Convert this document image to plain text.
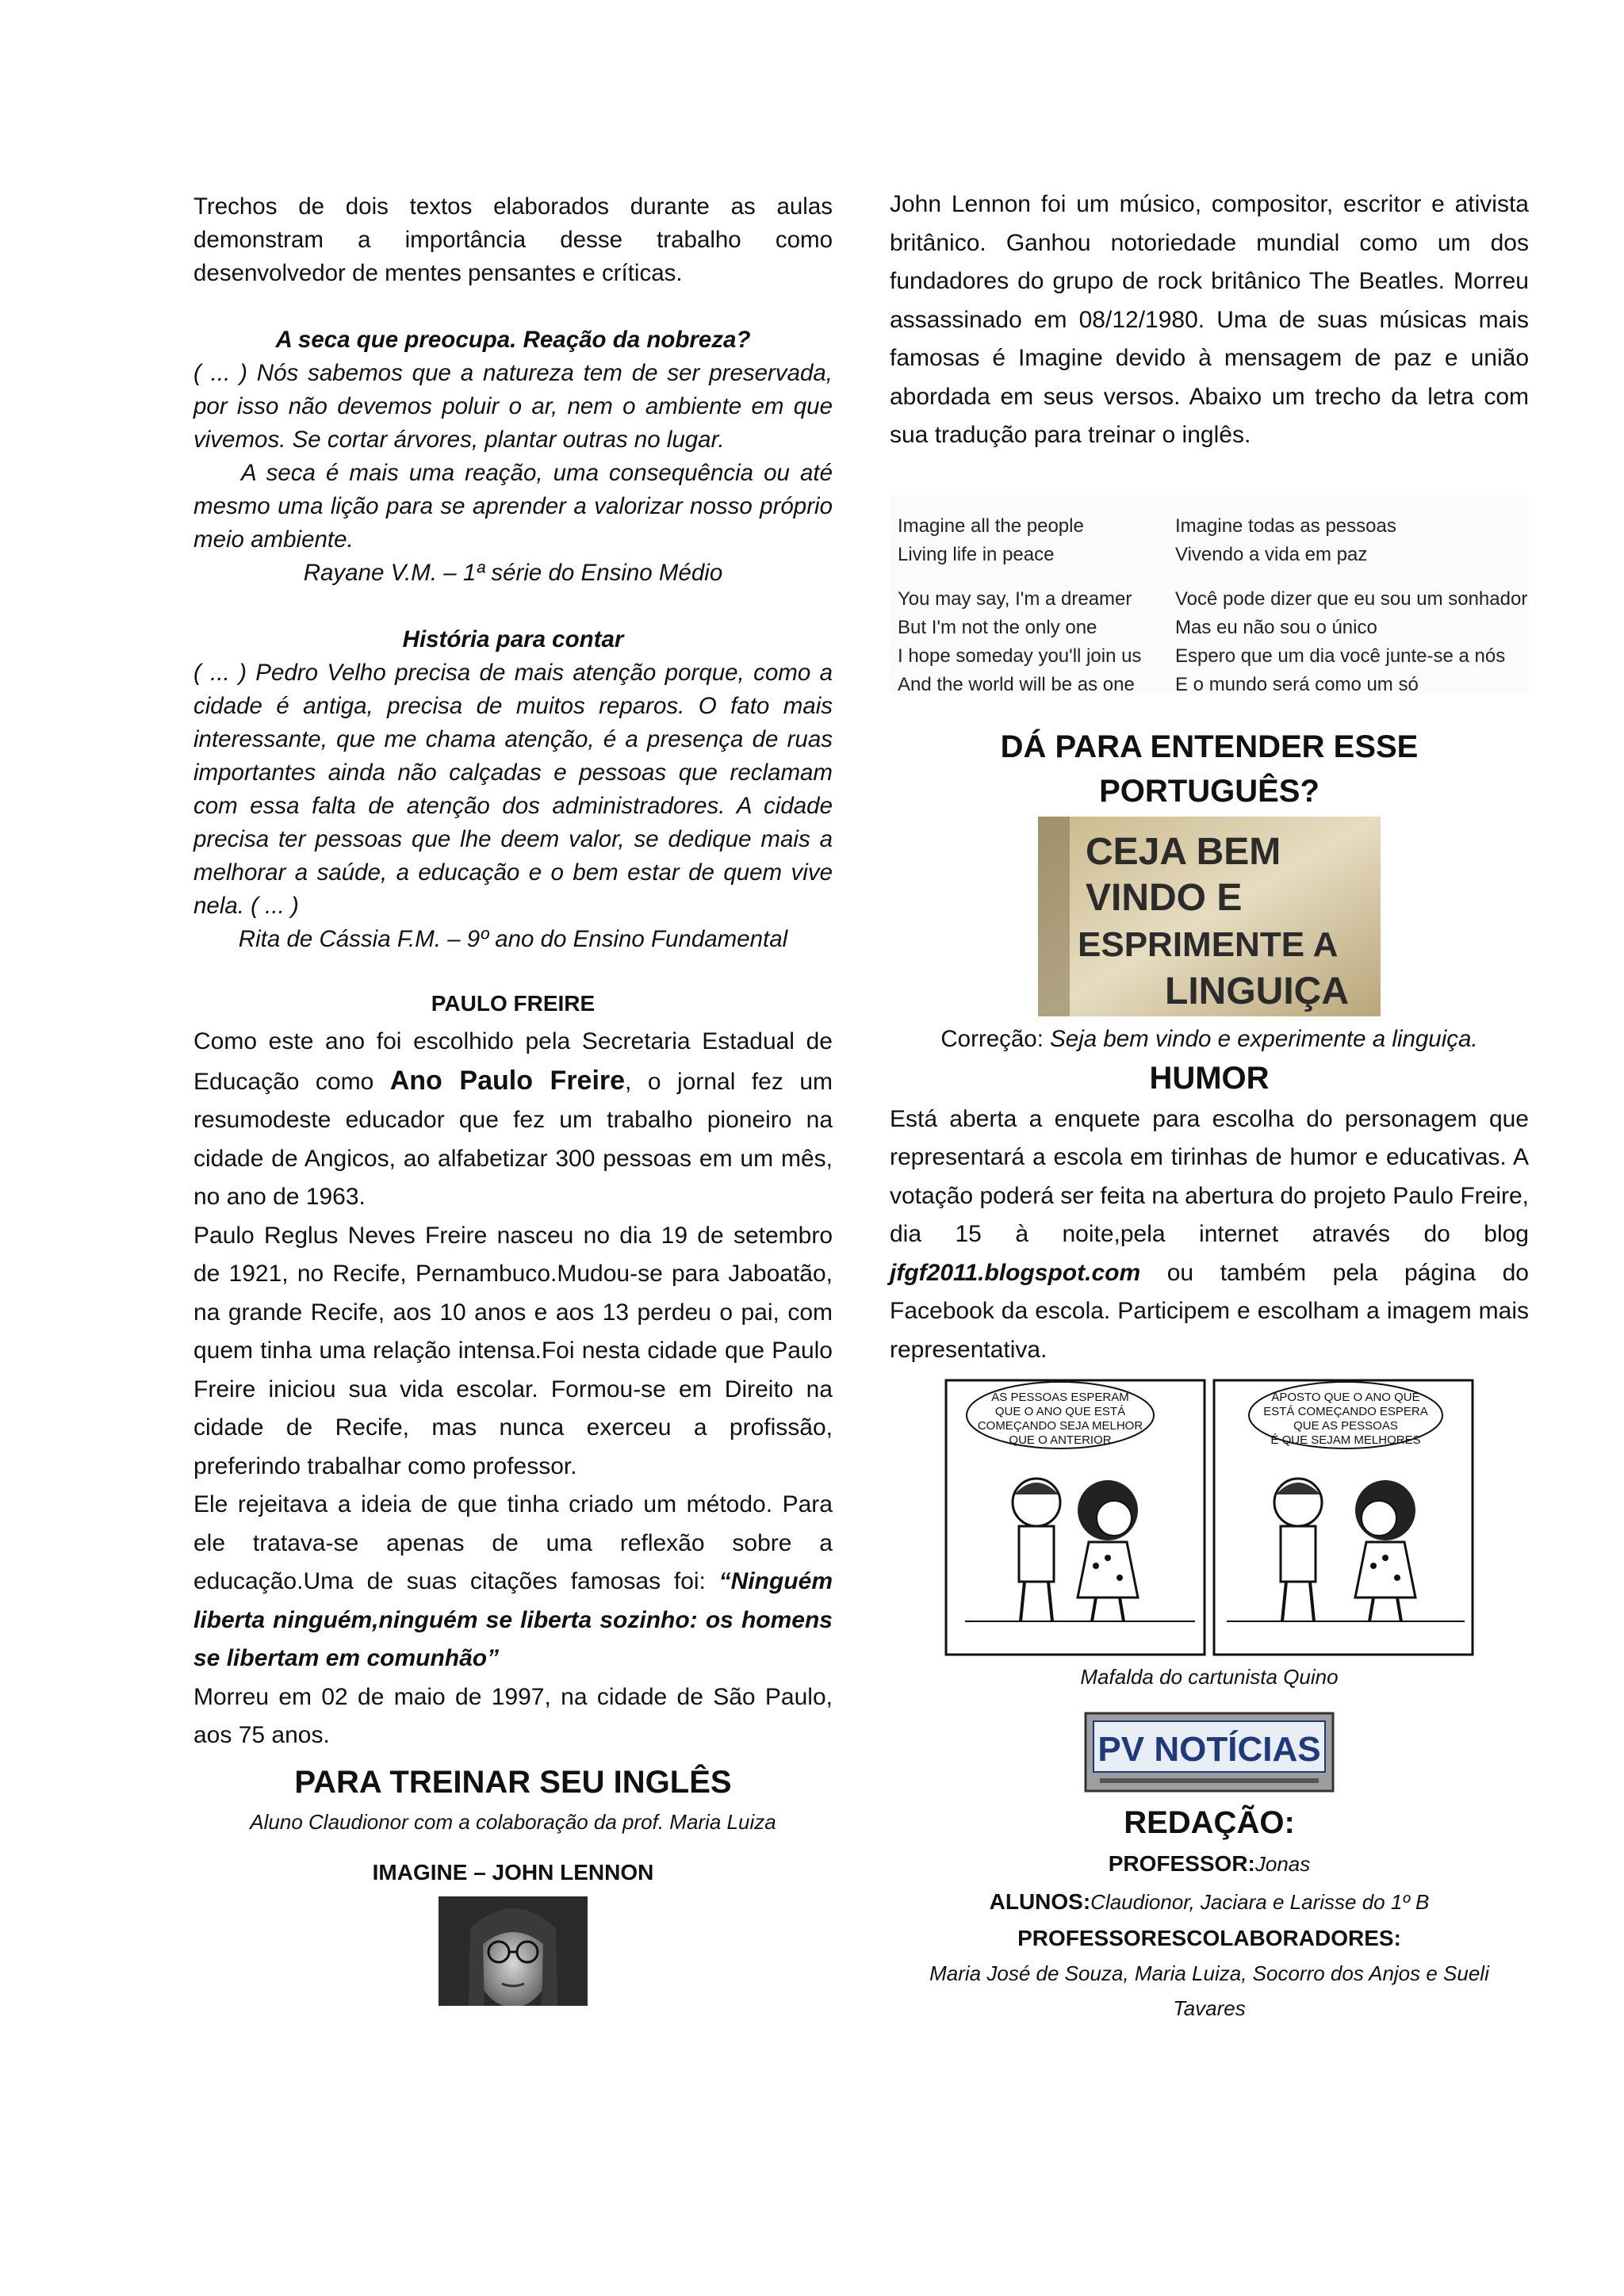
Trechos de dois textos elaborados durante as aulas demonstram a importância desse trabalho como desenvolvedor de mentes pensantes e críticas.

A seca que preocupa. Reação da nobreza?

( ... ) Nós sabemos que a natureza tem de ser preservada, por isso não devemos poluir o ar, nem o ambiente em que vivemos. Se cortar árvores, plantar outras no lugar.

A seca é mais uma reação, uma consequência ou até mesmo uma lição para se aprender a valorizar nosso próprio meio ambiente.

Rayane V.M. – 1ª série do Ensino Médio

História para contar

( ... ) Pedro Velho precisa de mais atenção porque, como a cidade é antiga, precisa de muitos reparos. O fato mais interessante, que me chama atenção, é a presença de ruas importantes ainda não calçadas e pessoas que reclamam com essa falta de atenção dos administradores. A cidade precisa ter pessoas que lhe deem valor, se dedique mais a melhorar a saúde, a educação e o bem estar de quem vive nela. ( ... )

Rita de Cássia F.M. – 9º ano do Ensino Fundamental

PAULO FREIRE

Como este ano foi escolhido pela Secretaria Estadual de Educação como Ano Paulo Freire, o jornal fez um resumodeste educador que fez um trabalho pioneiro na cidade de Angicos, ao alfabetizar 300 pessoas em um mês, no ano de 1963.

Paulo Reglus Neves Freire nasceu no dia 19 de setembro de 1921, no Recife, Pernambuco.Mudou-se para Jaboatão, na grande Recife, aos 10 anos e aos 13 perdeu o pai, com quem tinha uma relação intensa.Foi nesta cidade que Paulo Freire iniciou sua vida escolar. Formou-se em Direito na cidade de Recife, mas nunca exerceu a profissão, preferindo trabalhar como professor.

Ele rejeitava a ideia de que tinha criado um método. Para ele tratava-se apenas de uma reflexão sobre a educação.Uma de suas citações famosas foi: “Ninguém liberta ninguém,ninguém se liberta sozinho: os homens se libertam em comunhão”

Morreu em 02 de maio de 1997, na cidade de São Paulo, aos 75 anos.

PARA TREINAR SEU INGLÊS

Aluno Claudionor com a colaboração da prof. Maria Luiza

IMAGINE – JOHN LENNON

John Lennon foi um músico, compositor, escritor e ativista britânico. Ganhou notoriedade mundial como um dos fundadores do grupo de rock britânico The Beatles. Morreu assassinado em 08/12/1980. Uma de suas músicas mais famosas é Imagine devido à mensagem de paz e união abordada em seus versos. Abaixo um trecho da letra com sua tradução para treinar o inglês.

Imagine all the people
Living life in peace
You may say, I'm a dreamer
But I'm not the only one
I hope someday you'll join us
And the world will be as one
Imagine todas as pessoas
Vivendo a vida em paz
Você pode dizer que eu sou um sonhador
Mas eu não sou o único
Espero que um dia você junte-se a nós
E o mundo será como um só

DÁ PARA ENTENDER ESSE PORTUGUÊS?

CEJA BEM
VINDO E
ESPRIMENTE A
LINGUIÇA

Correção: Seja bem vindo e experimente a linguiça.

HUMOR

Está aberta a enquete para escolha do personagem que representará a escola em tirinhas de humor e educativas. A votação poderá ser feita na abertura do projeto Paulo Freire, dia 15 à noite,pela internet através do blog jfgf2011.blogspot.com ou também pela página do Facebook da escola. Participem e escolham a imagem mais representativa.

AS PESSOAS ESPERAM
QUE O ANO QUE ESTÁ
COMEÇANDO SEJA MELHOR
QUE O ANTERIOR
APOSTO QUE O ANO QUE
ESTÁ COMEÇANDO ESPERA
QUE AS PESSOAS
É QUE SEJAM MELHORES

Mafalda do cartunista Quino

PV NOTÍCIAS

REDAÇÃO:

PROFESSOR:Jonas

ALUNOS:Claudionor, Jaciara e Larisse do 1º B

PROFESSORESCOLABORADORES:

Maria José de Souza, Maria Luiza, Socorro dos Anjos e Sueli Tavares
